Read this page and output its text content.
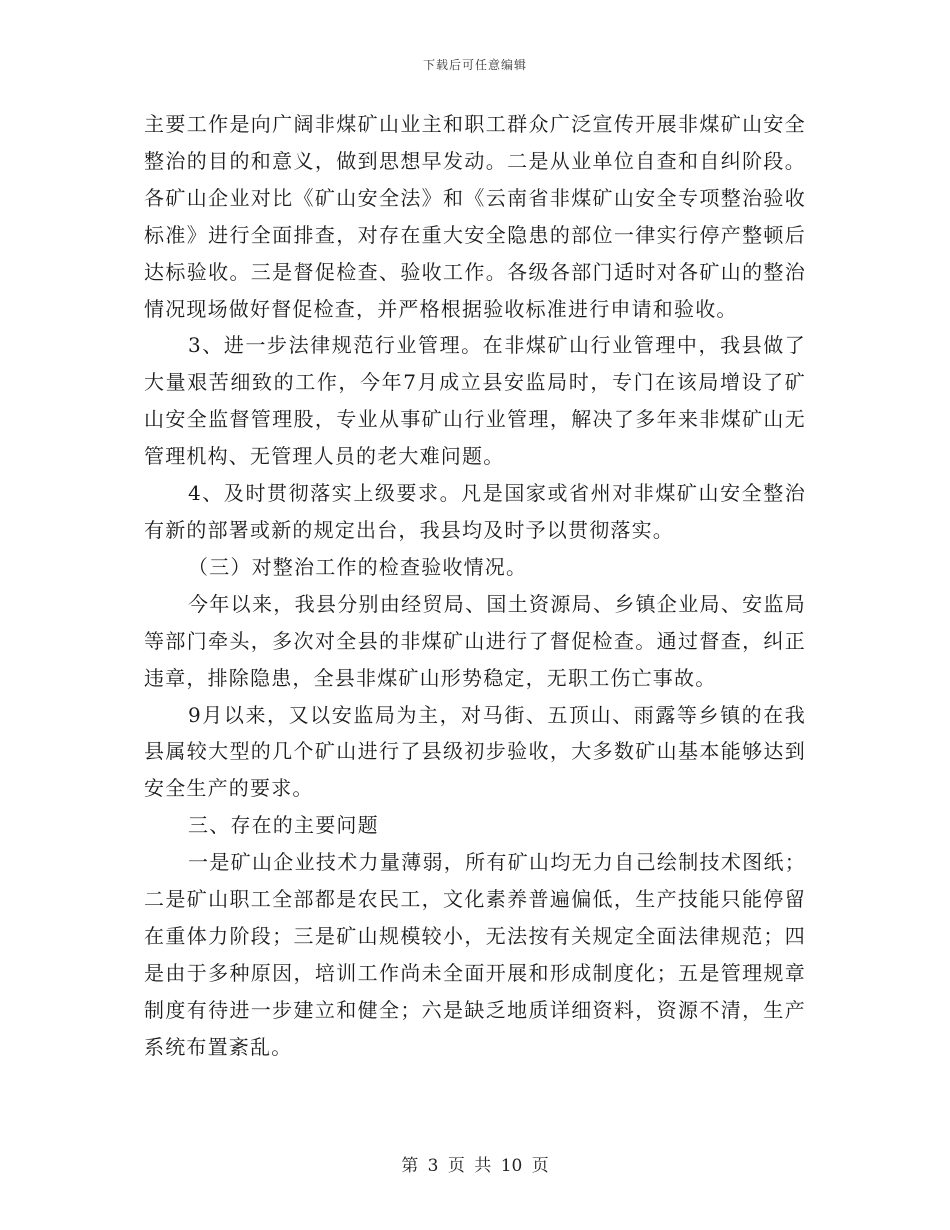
下载后可任意编辑

主要工作是向广阔非煤矿山业主和职工群众广泛宣传开展非煤矿山安全整治的目的和意义，做到思想早发动。二是从业单位自查和自纠阶段。各矿山企业对比《矿山安全法》和《云南省非煤矿山安全专项整治验收标准》进行全面排查，对存在重大安全隐患的部位一律实行停产整顿后达标验收。三是督促检查、验收工作。各级各部门适时对各矿山的整治情况现场做好督促检查，并严格根据验收标准进行申请和验收。

3、进一步法律规范行业管理。在非煤矿山行业管理中，我县做了大量艰苦细致的工作，今年7月成立县安监局时，专门在该局增设了矿山安全监督管理股，专业从事矿山行业管理，解决了多年来非煤矿山无管理机构、无管理人员的老大难问题。

4、及时贯彻落实上级要求。凡是国家或省州对非煤矿山安全整治有新的部署或新的规定出台，我县均及时予以贯彻落实。

（三）对整治工作的检查验收情况。

今年以来，我县分别由经贸局、国土资源局、乡镇企业局、安监局等部门牵头，多次对全县的非煤矿山进行了督促检查。通过督查，纠正违章，排除隐患，全县非煤矿山形势稳定，无职工伤亡事故。

9月以来，又以安监局为主，对马街、五顶山、雨露等乡镇的在我县属较大型的几个矿山进行了县级初步验收，大多数矿山基本能够达到安全生产的要求。

三、存在的主要问题

一是矿山企业技术力量薄弱，所有矿山均无力自己绘制技术图纸；二是矿山职工全部都是农民工，文化素养普遍偏低，生产技能只能停留在重体力阶段；三是矿山规模较小，无法按有关规定全面法律规范；四是由于多种原因，培训工作尚未全面开展和形成制度化；五是管理规章制度有待进一步建立和健全；六是缺乏地质详细资料，资源不清，生产系统布置紊乱。

第 3 页 共 10 页
